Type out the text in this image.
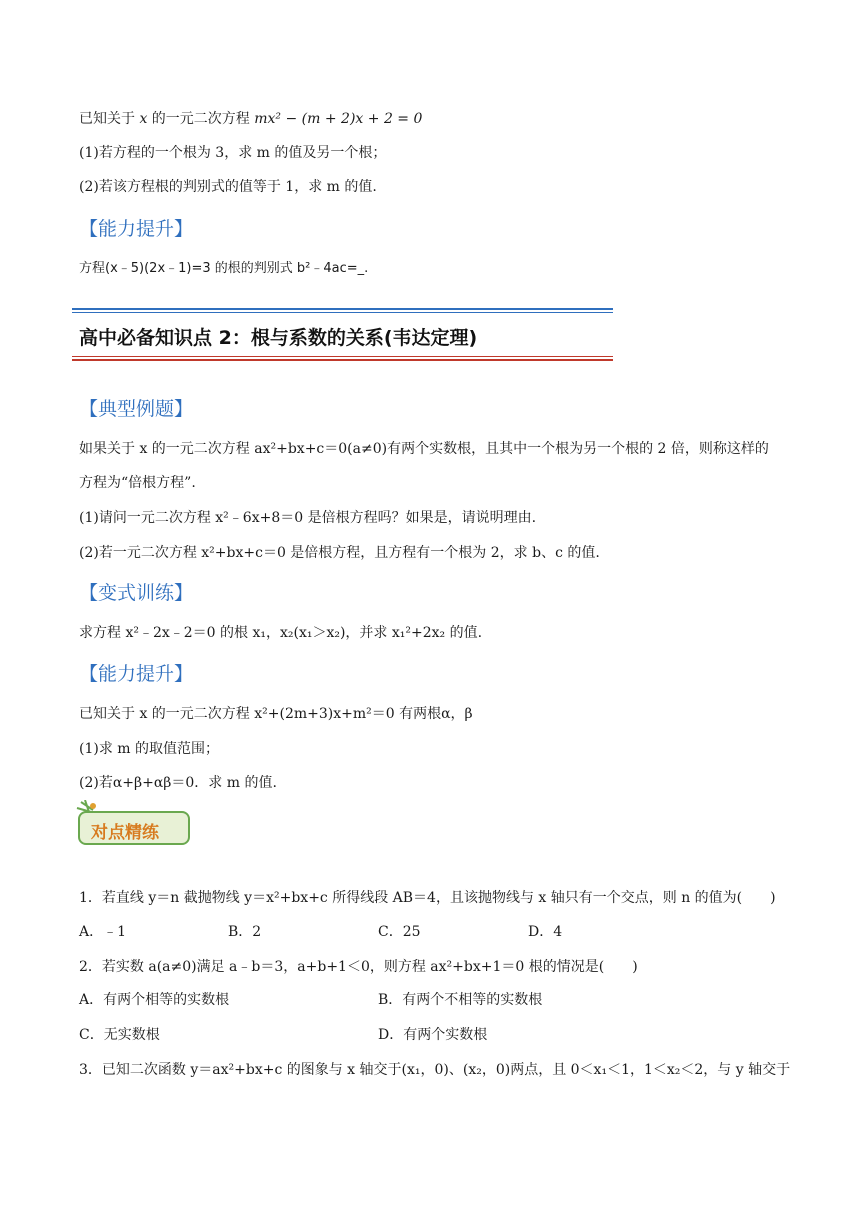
已知关于 x 的一元二次方程 mx² − (m + 2)x + 2 = 0
(1)若方程的一个根为 3，求 m 的值及另一个根；
(2)若该方程根的判别式的值等于 1，求 m 的值.
【能力提升】
方程(x﹣5)(2x﹣1)=3 的根的判别式 b²﹣4ac=_.
高中必备知识点 2：根与系数的关系(韦达定理)
【典型例题】
如果关于 x 的一元二次方程 ax²+bx+c＝0(a≠0)有两个实数根，且其中一个根为另一个根的 2 倍，则称这样的
方程为“倍根方程”.
(1)请问一元二次方程 x²﹣6x+8＝0 是倍根方程吗？如果是，请说明理由.
(2)若一元二次方程 x²+bx+c＝0 是倍根方程，且方程有一个根为 2，求 b、c 的值.
【变式训练】
求方程 x²﹣2x﹣2＝0 的根 x₁，x₂(x₁＞x₂)，并求 x₁²+2x₂ 的值.
【能力提升】
已知关于 x 的一元二次方程 x²+(2m+3)x+m²＝0 有两根α，β
(1)求 m 的取值范围；
(2)若α+β+αβ＝0．求 m 的值.
对点精练
1．若直线 y＝n 截抛物线 y＝x²+bx+c 所得线段 AB＝4，且该抛物线与 x 轴只有一个交点，则 n 的值为(　　)
A．﹣1	B．2	C．25	D．4
2．若实数 a(a≠0)满足 a﹣b＝3，a+b+1＜0，则方程 ax²+bx+1＝0 根的情况是(　　)
A．有两个相等的实数根	B．有两个不相等的实数根
C．无实数根	D．有两个实数根
3．已知二次函数 y＝ax²+bx+c 的图象与 x 轴交于(x₁，0)、(x₂，0)两点，且 0＜x₁＜1，1＜x₂＜2，与 y 轴交于
